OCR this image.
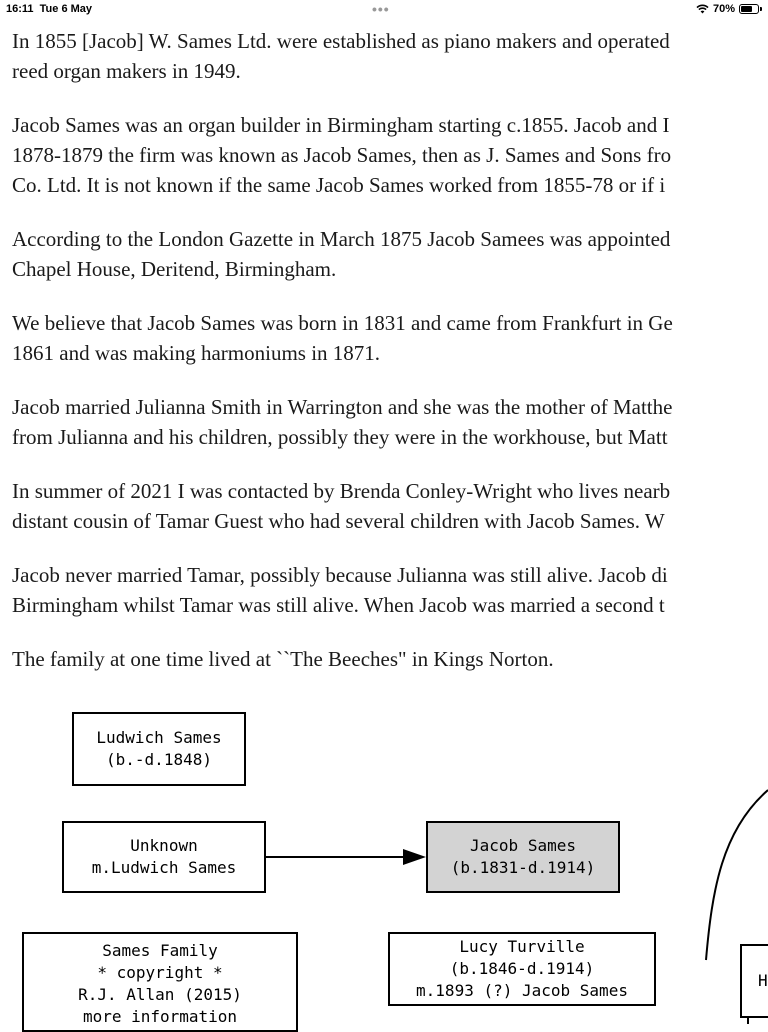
16:11 Tue 6 May	•••	70%

In 1855 [Jacob] W. Sames Ltd. were established as piano makers and operated
reed organ makers in 1949.

Jacob Sames was an organ builder in Birmingham starting c.1855. Jacob and I
1878-1879 the firm was known as Jacob Sames, then as J. Sames and Sons fro
Co. Ltd. It is not known if the same Jacob Sames worked from 1855-78 or if i

According to the London Gazette in March 1875 Jacob Samees was appointed
Chapel House, Deritend, Birmingham.

We believe that Jacob Sames was born in 1831 and came from Frankfurt in Ge
1861 and was making harmoniums in 1871.

Jacob married Julianna Smith in Warrington and she was the mother of Matthe
from Julianna and his children, possibly they were in the workhouse, but Matt

In summer of 2021 I was contacted by Brenda Conley-Wright who lives nearb
distant cousin of Tamar Guest who had several children with Jacob Sames. W

Jacob never married Tamar, possibly because Julianna was still alive. Jacob di
Birmingham whilst Tamar was still alive. When Jacob was married a second t

The family at one time lived at ``The Beeches" in Kings Norton.

Ludwich Sames
(b.-d.1848)
Unknown
m.Ludwich Sames
Jacob Sames
(b.1831-d.1914)
Sames Family
* copyright *
R.J. Allan (2015)
more information
Lucy Turville
(b.1846-d.1914)
m.1893 (?) Jacob Sames
H
